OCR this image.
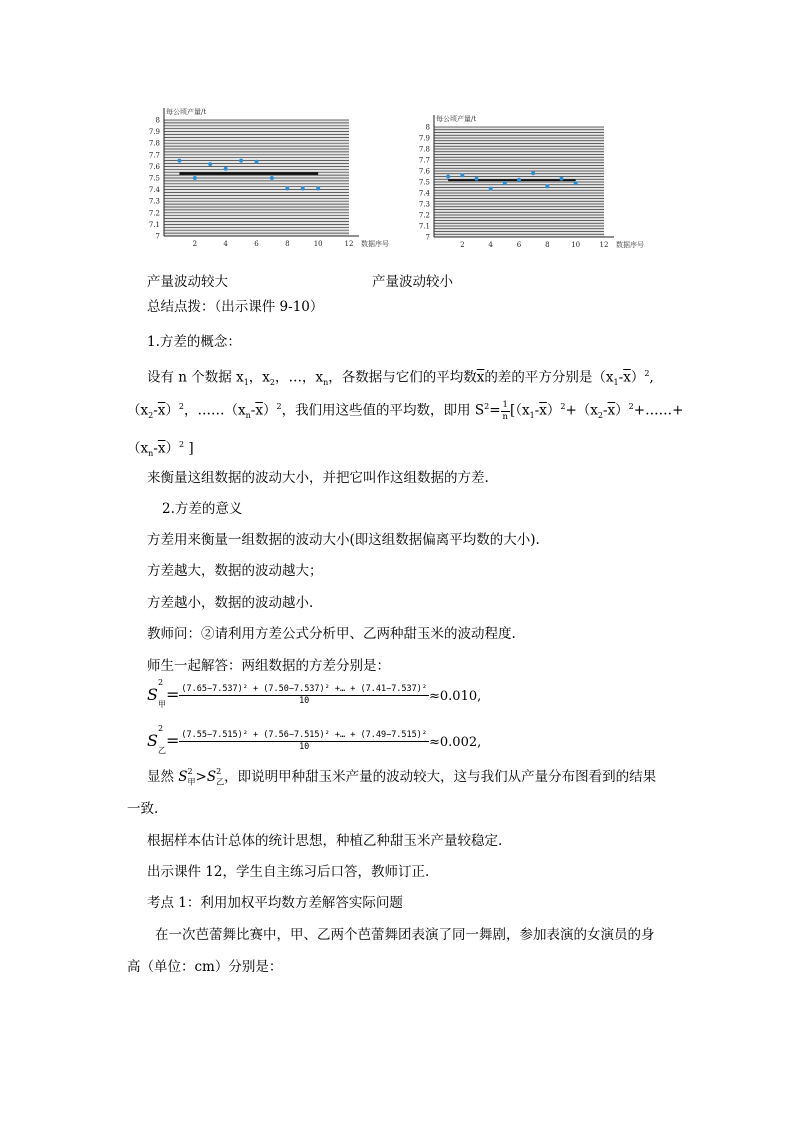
8
7.9
7.8
7.7
7.6
7.5
7.4
7.3
7.2
7.1
7
2	4	6	8	10	12
每公顷产量/t
数据序号
8
7.9
7.8
7.7
7.6
7.5
7.4
7.3
7.2
7.1
7
2	4	6	8	10	12
每公顷产量/t
数据序号
产量波动较大	产量波动较小
总结点拨：（出示课件 9-10）
1.方差的概念：
设有 n 个数据 $x_1$，$x_2$，…，$x_n$，各数据与它们的平均数$\overline{x}$的差的平方分别是$(x_1-\overline{x})^2$,
$(x_2-\overline{x})^2$，$\dots\dots(x_n-\overline{x})^2$，我们用这些值的平均数，即用 $S^2= \frac{1}{n}$ [$(x_1-\overline{x})^2+(x_2-\overline{x})^2+\dots\dots+$
$(x_n-\overline{x})^2$ ]
来衡量这组数据的波动大小，并把它叫作这组数据的方差.
2.方差的意义
方差用来衡量一组数据的波动大小(即这组数据偏离平均数的大小).
方差越大，数据的波动越大；
方差越小，数据的波动越小.
教师问：②请利用方差公式分析甲、乙两种甜玉米的波动程度.
师生一起解答：两组数据的方差分别是：
S
2
$_甲= \frac{\text{(7.65−7.537)² + (7.50−7.537)² +… + (7.41−7.537)²}}{10} \approx 0.010$,
S
2
$_乙= \frac{\text{(7.55−7.515)² + (7.56−7.515)² +… + (7.49−7.515)²}}{10} \approx 0.002$,
显然 S 2
$_甲$>S 2
$_乙$，即说明甲种甜玉米产量的波动较大，这与我们从产量分布图看到的结果
一致.
根据样本估计总体的统计思想，种植乙种甜玉米产量较稳定.
出示课件 12，学生自主练习后口答，教师订正.
考点 1：利用加权平均数方差解答实际问题
在一次芭蕾舞比赛中，甲、乙两个芭蕾舞团表演了同一舞剧，参加表演的女演员的身
高（单位：cm）分别是：
